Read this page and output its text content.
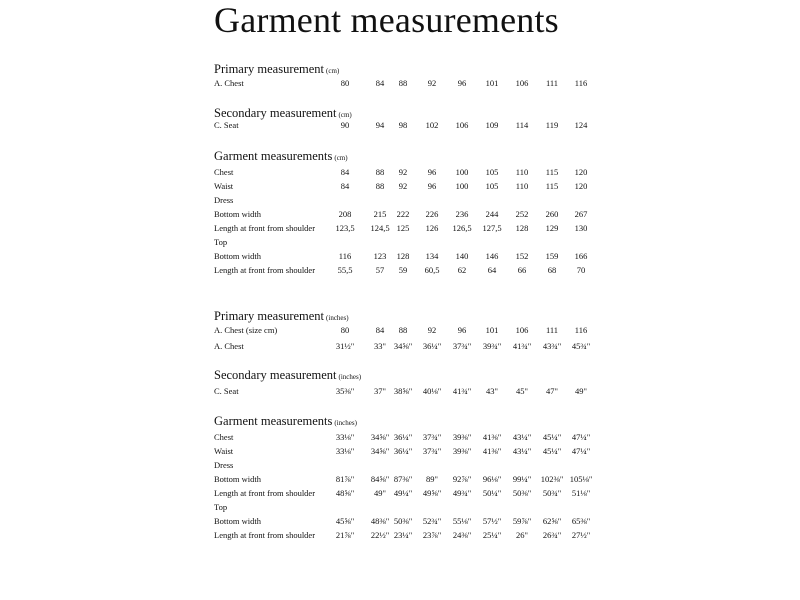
Garment measurements
Primary measurement (cm)
A. Chest	80	84	88	92	96	101	106	111	116
Secondary measurement (cm)
C. Seat	90	94	98	102	106	109	114	119	124
Garment measurements (cm)
Chest	84	88	92	96	100	105	110	115	120
Waist	84	88	92	96	100	105	110	115	120
Dress
Bottom width	208	215	222	226	236	244	252	260	267
Length at front from shoulder	123,5	124,5 125	126	126,5	127,5	128	129	130
Top
Bottom width	116	123	128	134	140	146	152	159	166
Length at front from shoulder	55,5	57	59	60,5	62	64	66	68	70
Primary measurement (inches)
A. Chest (size cm)	80	84	88	92	96	101	106	111	116
A. Chest	31½"	33" 34⅝"	36¼"	37¾"	39¾"	41¾"	43¾"	45¾"
Secondary measurement (inches)
C. Seat	35⅜"	37" 38⅝"	40⅛"	41¾"	43"	45"	47"	49"
Garment measurements (inches)
Chest	33⅛"	34⅝" 36¼"	37¾"	39⅜"	41⅜"	43¼"	45¼"	47¼"
Waist	33⅛"	34⅝" 36¼"	37¾"	39⅜"	41⅜"	43¼"	45¼"	47¼"
Dress
Bottom width	81⅞"	84⅝" 87⅜"	89"	92⅞"	96⅛"	99¼"	102⅜" 105⅛"
Length at front from shoulder	48⅝"	49" 49¼"	49⅝"	49¾"	50¼"	50⅜"	50¾"	51⅛"
Top
Bottom width	45⅝"	48⅜" 50⅜"	52¾"	55⅛"	57½"	59⅞"	62⅝"	65⅜"
Length at front from shoulder	21⅞"	22½" 23¼"	23⅞"	24⅜"	25¼"	26"	26¾"	27½"
